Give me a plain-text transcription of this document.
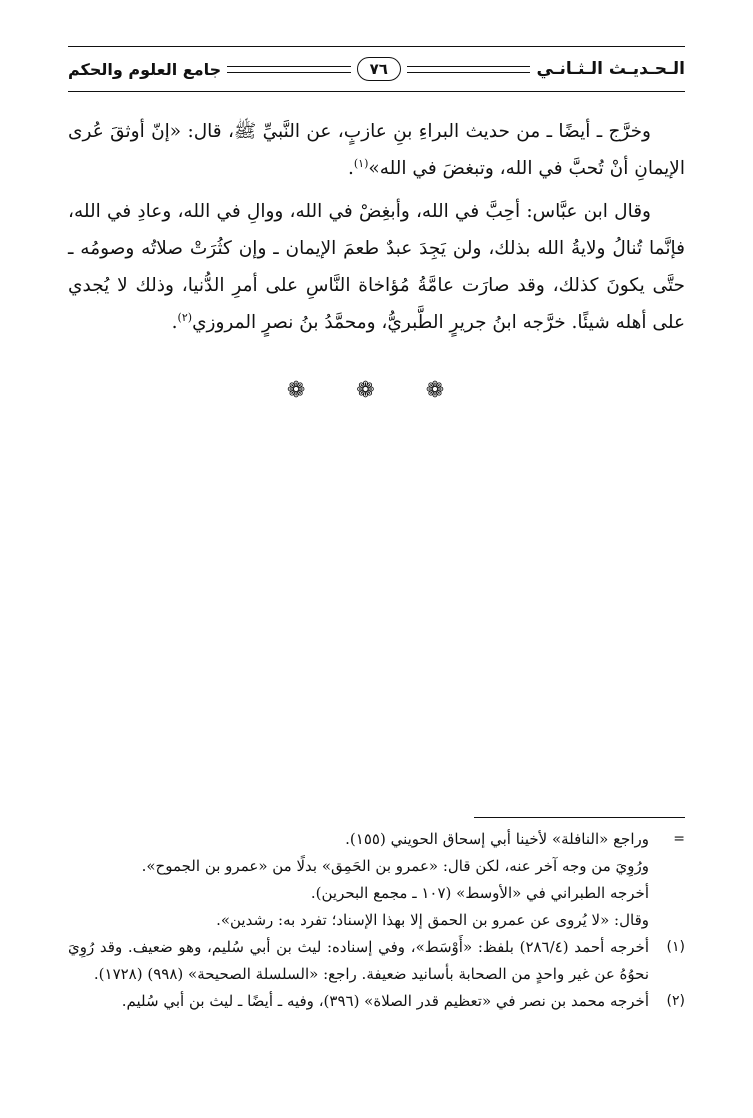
الـحـديـث الـثـانـي
٧٦
جامع العلوم والحكم

وخرَّج ـ أيضًا ـ من حديث البراءِ بنِ عازبٍ، عن النَّبيِّ ﷺ، قال: «إنّ أوثقَ عُرى الإيمانِ أنْ تُحبَّ في الله، وتبغضَ في الله»$^{(١)}$.

وقال ابن عبَّاس: أحِبَّ في الله، وأبغِضْ في الله، ووالِ في الله، وعادِ في الله، فإنَّما تُنالُ ولايةُ الله بذلك، ولن يَجِدَ عبدٌ طعمَ الإيمان ـ وإن كثُرَتْ صلاتُه وصومُه ـ حتَّى يكونَ كذلك، وقد صارَت عامَّةُ مُؤاخاة النَّاسِ على أمرِ الدُّنيا، وذلك لا يُجدي على أهله شيئًا. خرَّجه ابنُ جريرٍ الطَّبريُّ، ومحمَّدُ بنُ نصرٍ المروزي$^{(٢)}$.

❁ ❁ ❁
=
وراجع «النافلة» لأخينا أبي إسحاق الحويني (١٥٥).
ورُوِيَ من وجه آخر عنه، لكن قال: «عمرو بن الحَمِق» بدلًا من «عمرو بن الجموح».
أخرجه الطبراني في «الأوسط» (١٠٧ ـ مجمع البحرين).
وقال: «لا يُروى عن عمرو بن الحمق إلا بهذا الإسناد؛ تفرد به: رشدين».
(١)
أخرجه أحمد (٢٨٦/٤) بلفظ: «أَوْسَط»، وفي إسناده: ليث بن أبي سُليم، وهو ضعيف. وقد رُوِيَ نحوُهُ عن غير واحدٍ من الصحابة بأسانيد ضعيفة. راجع: «السلسلة الصحيحة» (٩٩٨) (١٧٢٨).
(٢)
أخرجه محمد بن نصر في «تعظيم قدر الصلاة» (٣٩٦)، وفيه ـ أيضًا ـ ليث بن أبي سُليم.
